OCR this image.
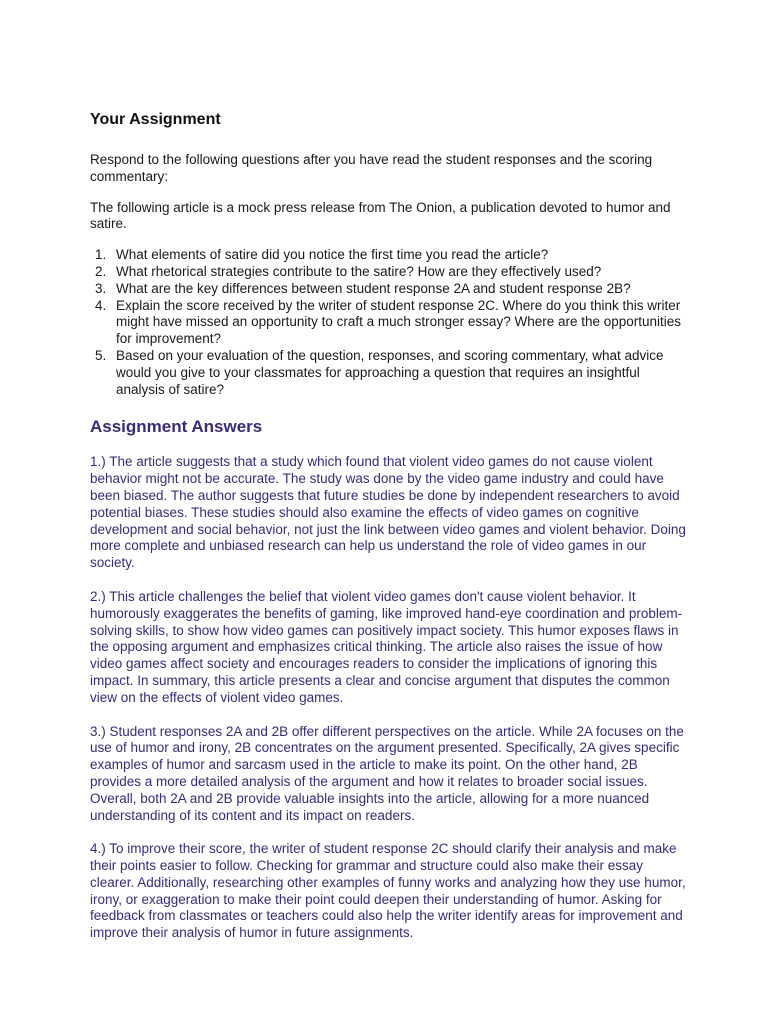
Your Assignment

Respond to the following questions after you have read the student responses and the scoring commentary:

The following article is a mock press release from The Onion, a publication devoted to humor and satire.

1. What elements of satire did you notice the first time you read the article?
2. What rhetorical strategies contribute to the satire? How are they effectively used?
3. What are the key differences between student response 2A and student response 2B?
4. Explain the score received by the writer of student response 2C. Where do you think this writer might have missed an opportunity to craft a much stronger essay? Where are the opportunities for improvement?
5. Based on your evaluation of the question, responses, and scoring commentary, what advice would you give to your classmates for approaching a question that requires an insightful analysis of satire?
Assignment Answers

1.) The article suggests that a study which found that violent video games do not cause violent behavior might not be accurate. The study was done by the video game industry and could have been biased. The author suggests that future studies be done by independent researchers to avoid potential biases. These studies should also examine the effects of video games on cognitive development and social behavior, not just the link between video games and violent behavior. Doing more complete and unbiased research can help us understand the role of video games in our society.

2.) This article challenges the belief that violent video games don't cause violent behavior. It humorously exaggerates the benefits of gaming, like improved hand-eye coordination and problem-solving skills, to show how video games can positively impact society. This humor exposes flaws in the opposing argument and emphasizes critical thinking. The article also raises the issue of how video games affect society and encourages readers to consider the implications of ignoring this impact. In summary, this article presents a clear and concise argument that disputes the common view on the effects of violent video games.

3.) Student responses 2A and 2B offer different perspectives on the article. While 2A focuses on the use of humor and irony, 2B concentrates on the argument presented. Specifically, 2A gives specific examples of humor and sarcasm used in the article to make its point. On the other hand, 2B provides a more detailed analysis of the argument and how it relates to broader social issues. Overall, both 2A and 2B provide valuable insights into the article, allowing for a more nuanced understanding of its content and its impact on readers.

4.) To improve their score, the writer of student response 2C should clarify their analysis and make their points easier to follow. Checking for grammar and structure could also make their essay clearer. Additionally, researching other examples of funny works and analyzing how they use humor, irony, or exaggeration to make their point could deepen their understanding of humor. Asking for feedback from classmates or teachers could also help the writer identify areas for improvement and improve their analysis of humor in future assignments.
